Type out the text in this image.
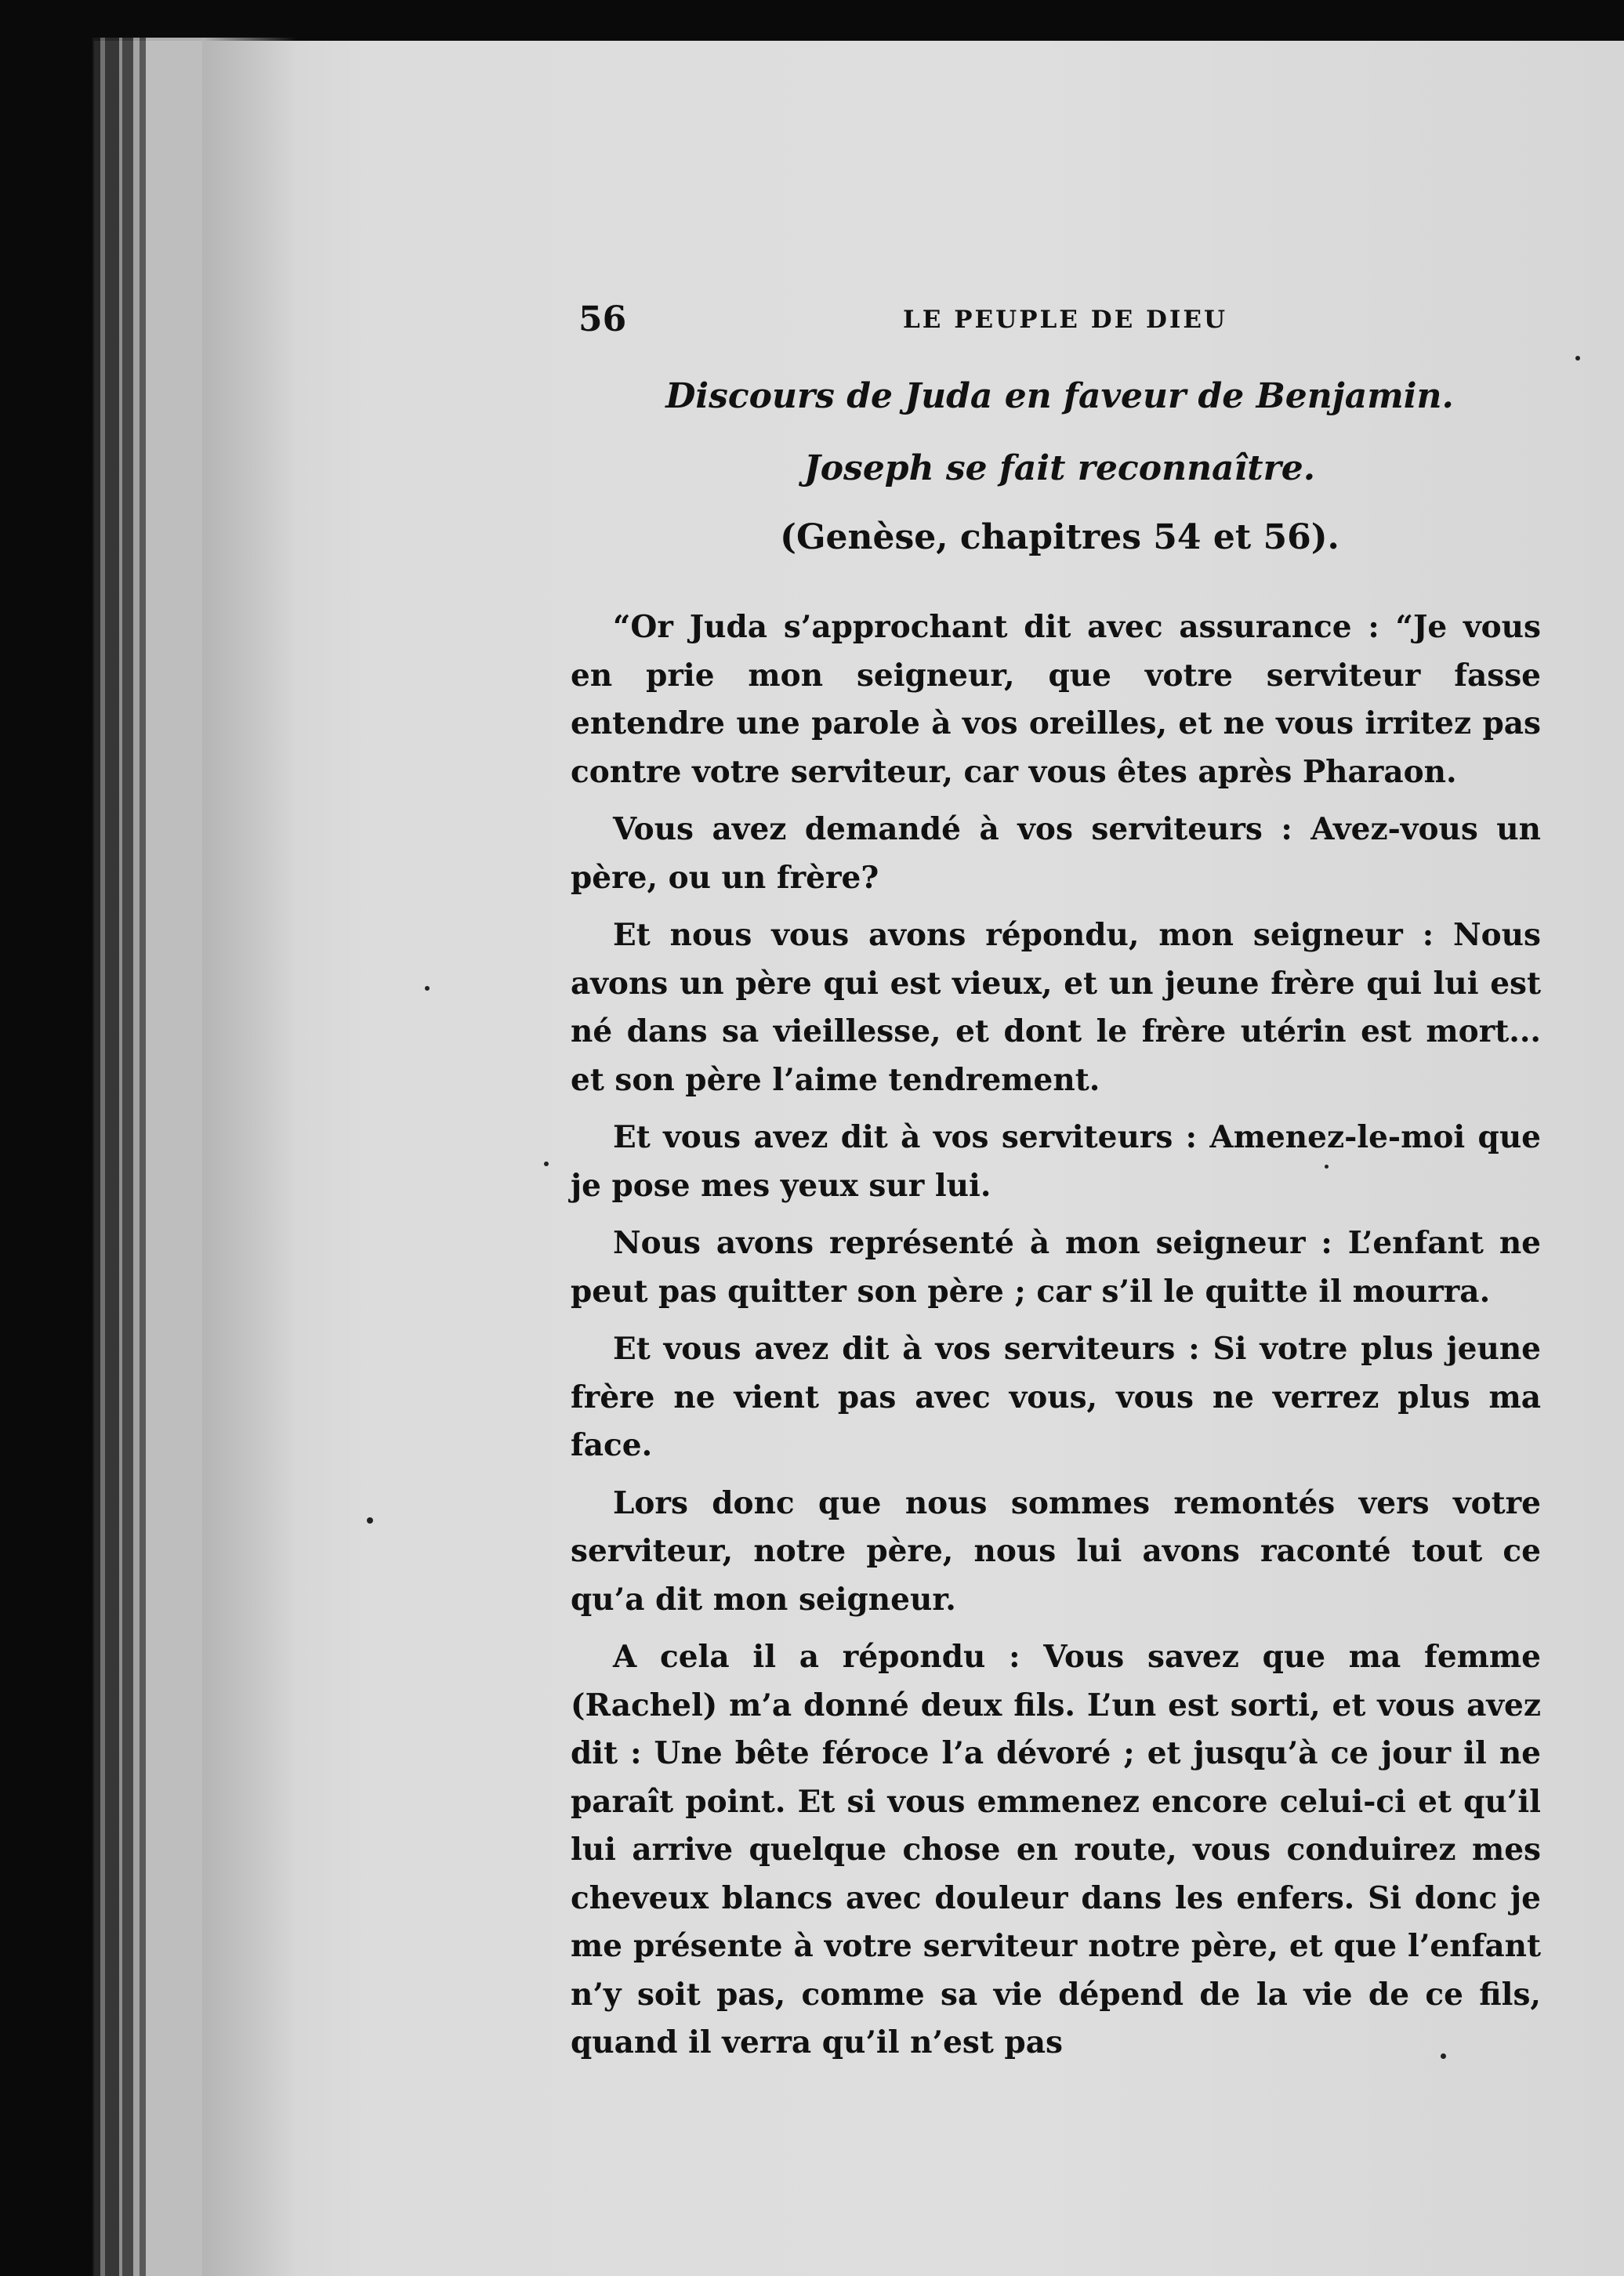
56	LE PEUPLE DE DIEU
Discours de Juda en faveur de Benjamin.
Joseph se fait reconnaître.
(Genèse, chapitres 54 et 56).

“Or Juda s’approchant dit avec assurance : “Je vous en prie mon seigneur, que votre serviteur fasse entendre une parole à vos oreilles, et ne vous irritez pas contre votre serviteur, car vous êtes après Pharaon.

Vous avez demandé à vos serviteurs : Avez-vous un père, ou un frère?

Et nous vous avons répondu, mon seigneur : Nous avons un père qui est vieux, et un jeune frère qui lui est né dans sa vieillesse, et dont le frère utérin est mort... et son père l’aime tendrement.

Et vous avez dit à vos serviteurs : Amenez-le-moi que je pose mes yeux sur lui.

Nous avons représenté à mon seigneur : L’enfant ne peut pas quitter son père ; car s’il le quitte il mourra.

Et vous avez dit à vos serviteurs : Si votre plus jeune frère ne vient pas avec vous, vous ne verrez plus ma face.

Lors donc que nous sommes remontés vers votre serviteur, notre père, nous lui avons raconté tout ce qu’a dit mon seigneur.

A cela il a répondu : Vous savez que ma femme (Rachel) m’a donné deux fils. L’un est sorti, et vous avez dit : Une bête féroce l’a dévoré ; et jusqu’à ce jour il ne paraît point. Et si vous emmenez encore celui-ci et qu’il lui arrive quelque chose en route, vous conduirez mes cheveux blancs avec douleur dans les enfers. Si donc je me présente à votre serviteur notre père, et que l’enfant n’y soit pas, comme sa vie dépend de la vie de ce fils, quand il verra qu’il n’est pas
